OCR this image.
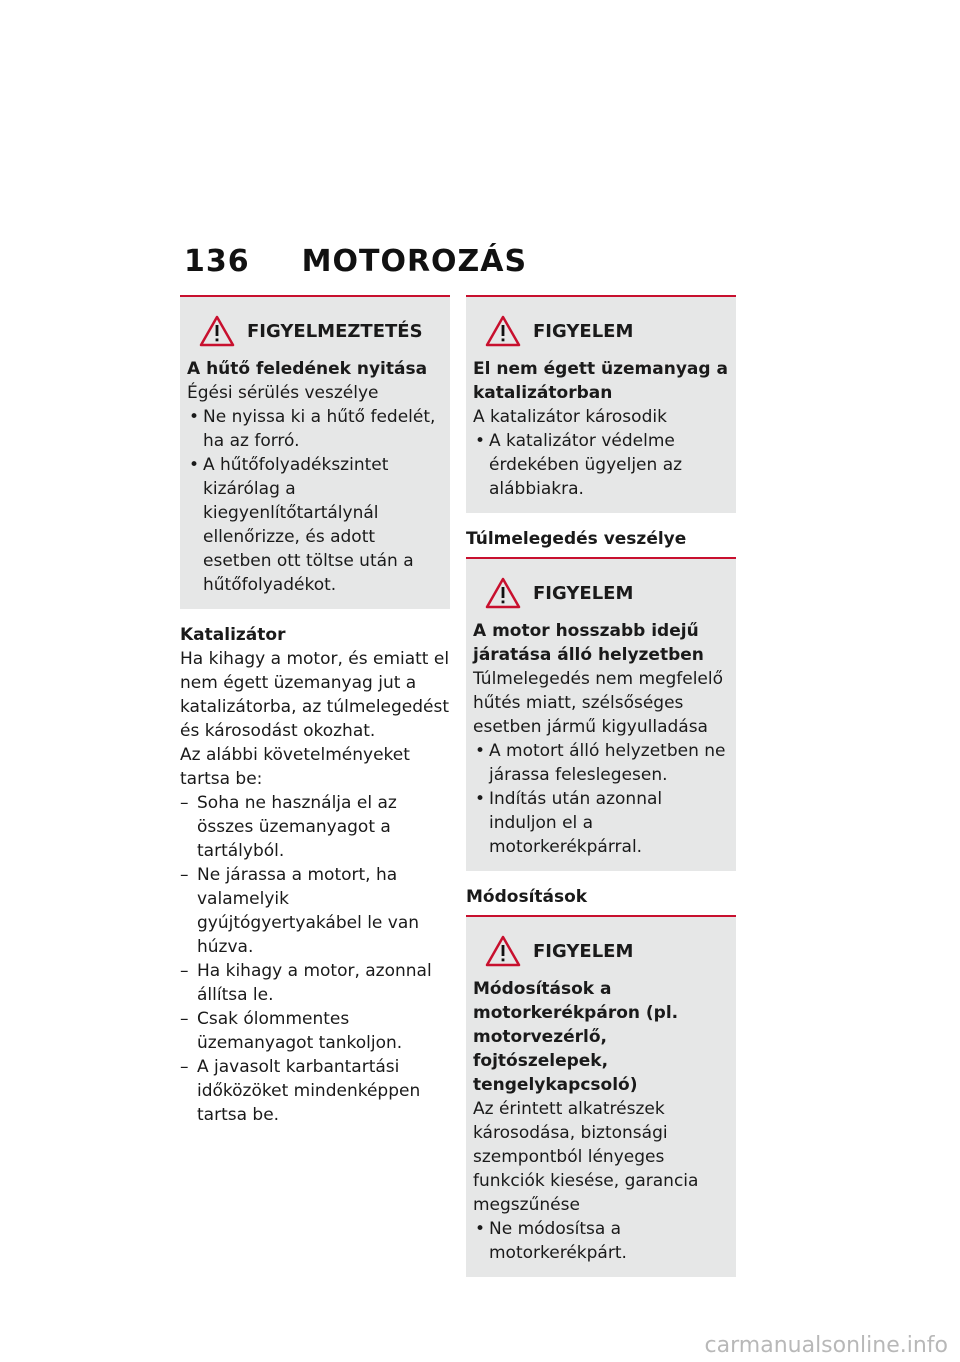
136 MOTOROZÁS
FIGYELMEZTETÉS

A hűtő feledének nyitása

Égési sérülés veszélye

• Ne nyissa ki a hűtő fedelét, ha az forró.
• A hűtőfolyadékszintet kizárólag a kiegyenlítőtartálynál ellenőrizze, és adott esetben ott töltse után a hűtőfolyadékot.
Katalizátor

Ha kihagy a motor, és emiatt el nem égett üzemanyag jut a katalizátorba, az túlmelegedést és károsodást okozhat.

Az alábbi követelményeket tartsa be:

– Soha ne használja el az összes üzemanyagot a tartályból.
– Ne járassa a motort, ha valamelyik gyújtógyertyakábel le van húzva.
– Ha kihagy a motor, azonnal állítsa le.
– Csak ólommentes üzemanyagot tankoljon.
– A javasolt karbantartási időközöket mindenképpen tartsa be.
FIGYELEM

El nem égett üzemanyag a katalizátorban

A katalizátor károsodik

• A katalizátor védelme érdekében ügyeljen az alábbiakra.
Túlmelegedés veszélye
FIGYELEM

A motor hosszabb idejű járatása álló helyzetben

Túlmelegedés nem megfelelő hűtés miatt, szélsőséges esetben jármű kigyulladása

• A motort álló helyzetben ne járassa feleslegesen.
• Indítás után azonnal induljon el a motorkerékpárral.
Módosítások
FIGYELEM

Módosítások a motorkerékpáron (pl. motorvezérlő, fojtószelepek, tengelykapcsoló)

Az érintett alkatrészek károsodása, biztonsági szempontból lényeges funkciók kiesése, garancia megszűnése

• Ne módosítsa a motorkerékpárt.
carmanualsonline.info
